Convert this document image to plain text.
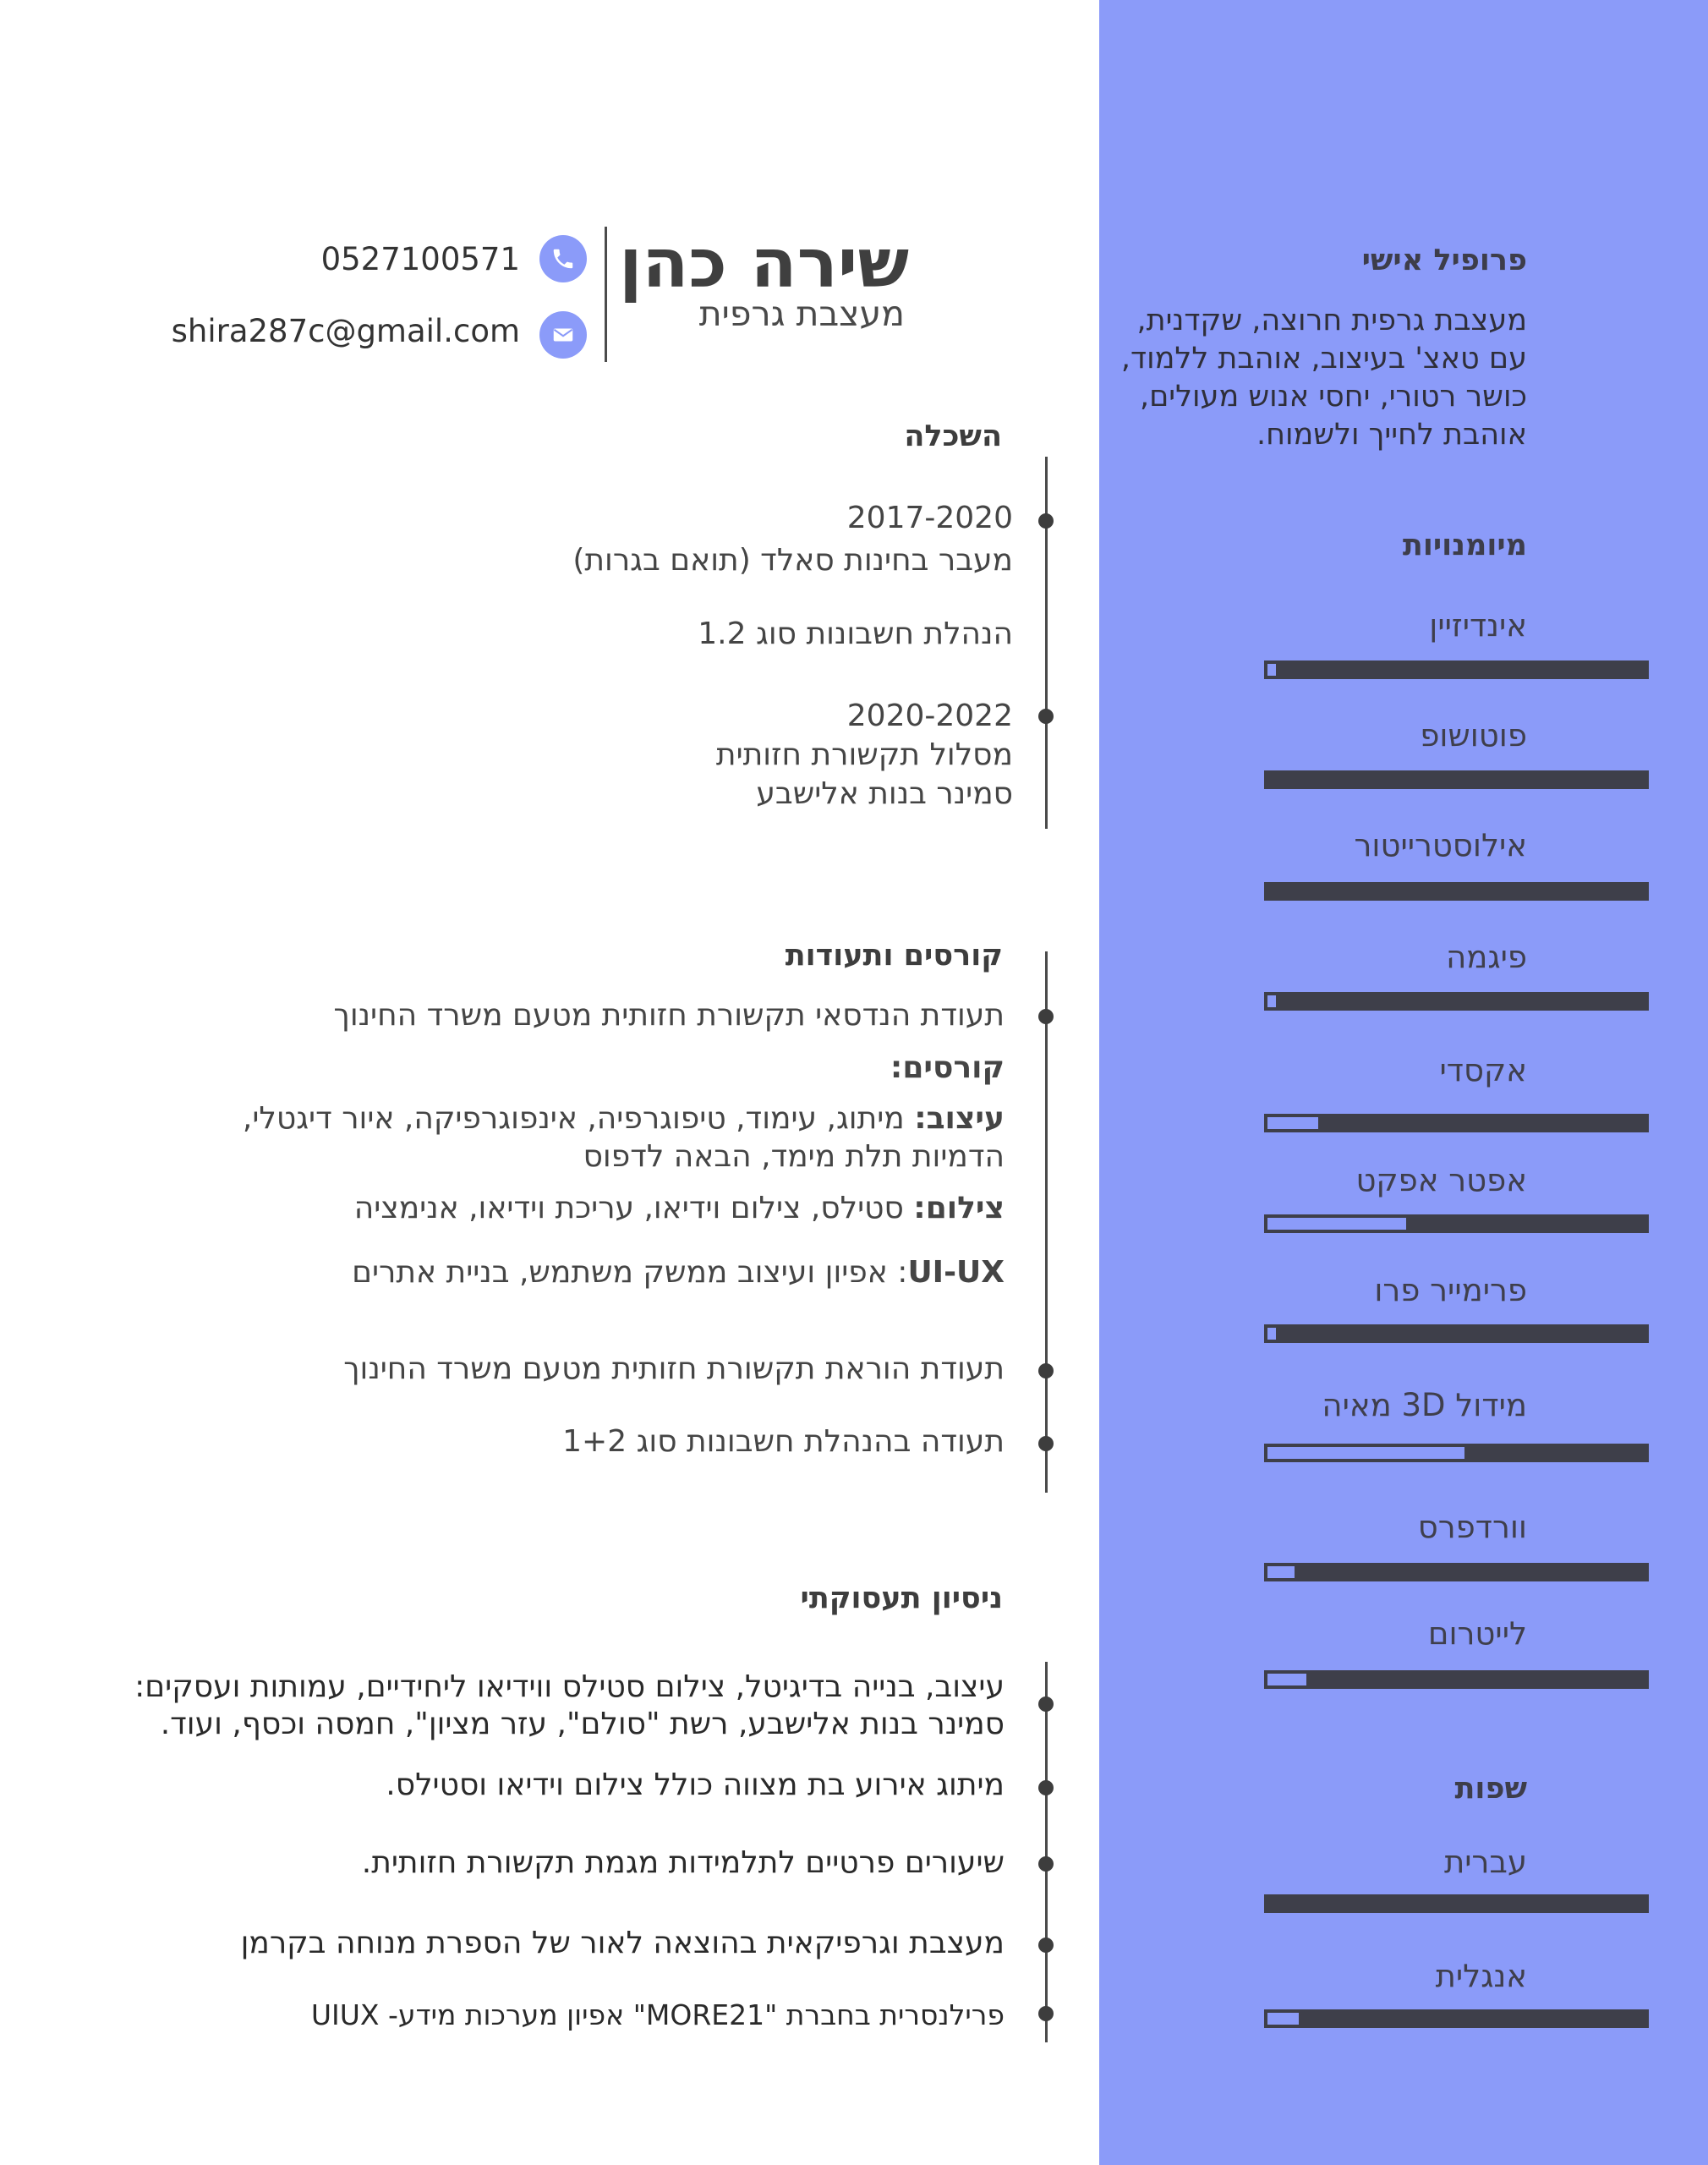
פרופיל אישי
מעצבת גרפית חרוצה, שקדנית,
עם טאצ' בעיצוב, אוהבת ללמוד,
כושר רטורי, יחסי אנוש מעולים,
אוהבת לחייך ולשמוח.
מיומנויות
אינדיזיין
פוטושופ
אילוסטרייטור
פיגמה
אקסדי
אפטר אפקט
פרימייר פרו
מידול 3D מאיה
וורדפרס
לייטרום
שפות
עברית
אנגלית
שירה כהן
מעצבת גרפית
0527100571
shira287c@gmail.com
השכלה
2017-2020
מעבר בחינות סאלד (תואם בגרות)
הנהלת חשבונות סוג 1.2
2020-2022
מסלול תקשורת חזותית
סמינר בנות אלישבע
קורסים ותעודות
תעודת הנדסאי תקשורת חזותית מטעם משרד החינוך
קורסים:
עיצוב: מיתוג, עימוד, טיפוגרפיה, אינפוגרפיקה, איור דיגטלי,
הדמיות תלת מימד, הבאה לדפוס
צילום: סטילס, צילום וידיאו, עריכת וידיאו, אנימציה
UI-UX: אפיון ועיצוב ממשק משתמש, בניית אתרים
תעודת הוראת תקשורת חזותית מטעם משרד החינוך
תעודה בהנהלת חשבונות סוג 1+2
ניסיון תעסוקתי
עיצוב, בנייה בדיגיטל, צילום סטילס ווידיאו ליחידיים, עמותות ועסקים:
סמינר בנות אלישבע, רשת "סולם", עזר מציון", חמסה וכסף, ועוד.
מיתוג אירוע בת מצווה כולל צילום וידיאו וסטילס.
שיעורים פרטיים לתלמידות מגמת תקשורת חזותית.
מעצבת וגרפיקאית בהוצאה לאור של הספרת מנוחה בקרמן
פרילנסרית בחברת "MORE21" אפיון מערכות מידע- UIUX
